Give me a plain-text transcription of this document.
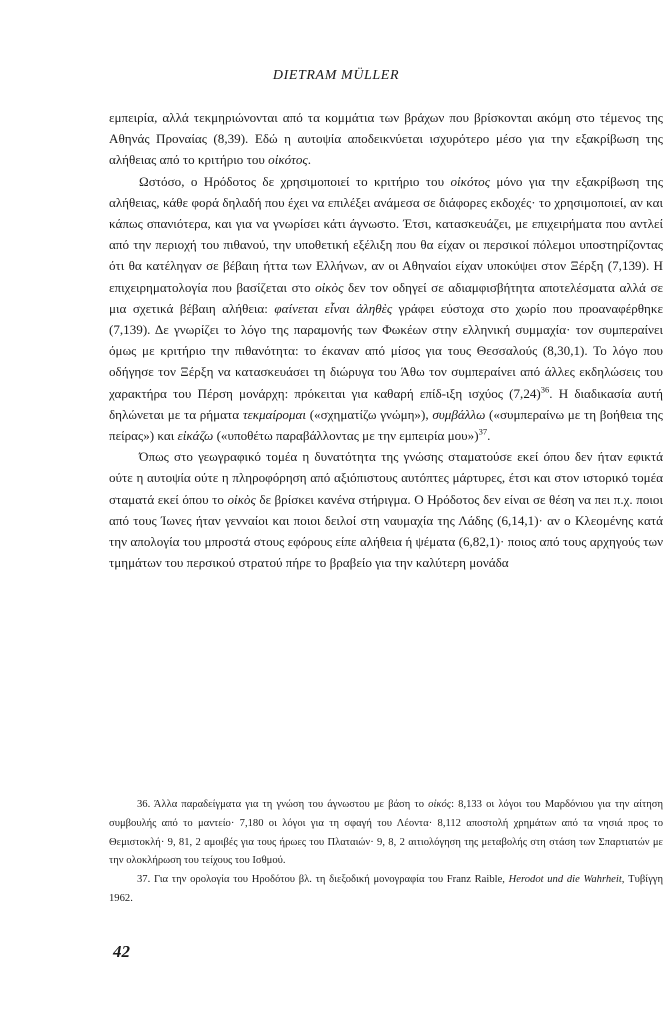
DIETRAM MÜLLER

εμπειρία, αλλά τεκμηριώνονται από τα κομμάτια των βράχων που βρίσκονται ακόμη στο τέμενος της Αθηνάς Προναίας (8,39). Εδώ η αυτοψία αποδεικνύεται ισχυρότερο μέσο για την εξακρίβωση της αλήθειας από το κριτήριο του οἰκότος.

Ωστόσο, ο Ηρόδοτος δε χρησιμοποιεί το κριτήριο του οἰκότος μόνο για την εξακρίβωση της αλήθειας, κάθε φορά δηλαδή που έχει να επιλέξει ανάμεσα σε διάφορες εκδοχές· το χρησιμοποιεί, αν και κάπως σπανιότερα, και για να γνωρίσει κάτι άγνωστο. Έτσι, κατασκευάζει, με επιχειρήματα που αντλεί από την περιοχή του πιθανού, την υποθετική εξέλιξη που θα είχαν οι περσικοί πόλεμοι υποστηρίζοντας ότι θα κατέληγαν σε βέβαιη ήττα των Ελλήνων, αν οι Αθηναίοι είχαν υποκύψει στον Ξέρξη (7,139). Η επιχειρηματολογία που βασίζεται στο οἰκὸς δεν τον οδηγεί σε αδιαμφισβήτητα αποτελέσματα αλλά σε μια σχετικά βέβαιη αλήθεια: φαίνεται εἶναι ἀληθὲς γράφει εύστοχα στο χωρίο που προαναφέρθηκε (7,139). Δε γνωρίζει το λόγο της παραμονής των Φωκέων στην ελληνική συμμαχία· τον συμπεραίνει όμως με κριτήριο την πιθανότητα: το έκαναν από μίσος για τους Θεσσαλούς (8,30,1). Το λόγο που οδήγησε τον Ξέρξη να κατασκευάσει τη διώρυγα του Άθω τον συμπεραίνει από άλλες εκδηλώσεις του χαρακτήρα του Πέρση μονάρχη: πρόκειται για καθαρή επίδ-ιξη ισχύος $(7,24)^{36}$. Η διαδικασία αυτή δηλώνεται με τα ρήματα τεκμαίρομαι («σχηματίζω γνώμη»), συμβάλλω («συμπεραίνω με τη βοήθεια της πείρας») και εἰκάζω («υποθέτω παραβάλλοντας με την εμπειρία μου»)$^{37}$.

Όπως στο γεωγραφικό τομέα η δυνατότητα της γνώσης σταματούσε εκεί όπου δεν ήταν εφικτά ούτε η αυτοψία ούτε η πληροφόρηση από αξιόπιστους αυτόπτες μάρτυρες, έτσι και στον ιστορικό τομέα σταματά εκεί όπου το οἰκὸς δε βρίσκει κανένα στήριγμα. Ο Ηρόδοτος δεν είναι σε θέση να πει π.χ. ποιοι από τους Ίωνες ήταν γενναίοι και ποιοι δειλοί στη ναυμαχία της Λάδης (6,14,1)· αν ο Κλεομένης κατά την απολογία του μπροστά στους εφόρους είπε αλήθεια ή ψέματα (6,82,1)· ποιος από τους αρχηγούς των τμημάτων του περσικού στρατού πήρε το βραβείο για την καλύτερη μονάδα

36. Άλλα παραδείγματα για τη γνώση του άγνωστου με βάση το οἰκός: 8,133 οι λόγοι του Μαρδόνιου για την αίτηση συμβουλής από το μαντείο· 7,180 οι λόγοι για τη σφαγή του Λέοντα· 8,112 αποστολή χρημάτων από τα νησιά προς το Θεμιστοκλή· 9, 81, 2 αμοιβές για τους ήρωες του Πλαταιών· 9, 8, 2 αιτιολόγηση της μεταβολής στη στάση των Σπαρτιατών με την ολοκλήρωση του τείχους του Ισθμού.

37. Για την ορολογία του Ηροδότου βλ. τη διεξοδική μονογραφία του Franz Raible, Herodot und die Wahrheit, Τυβίγγη 1962.

42
